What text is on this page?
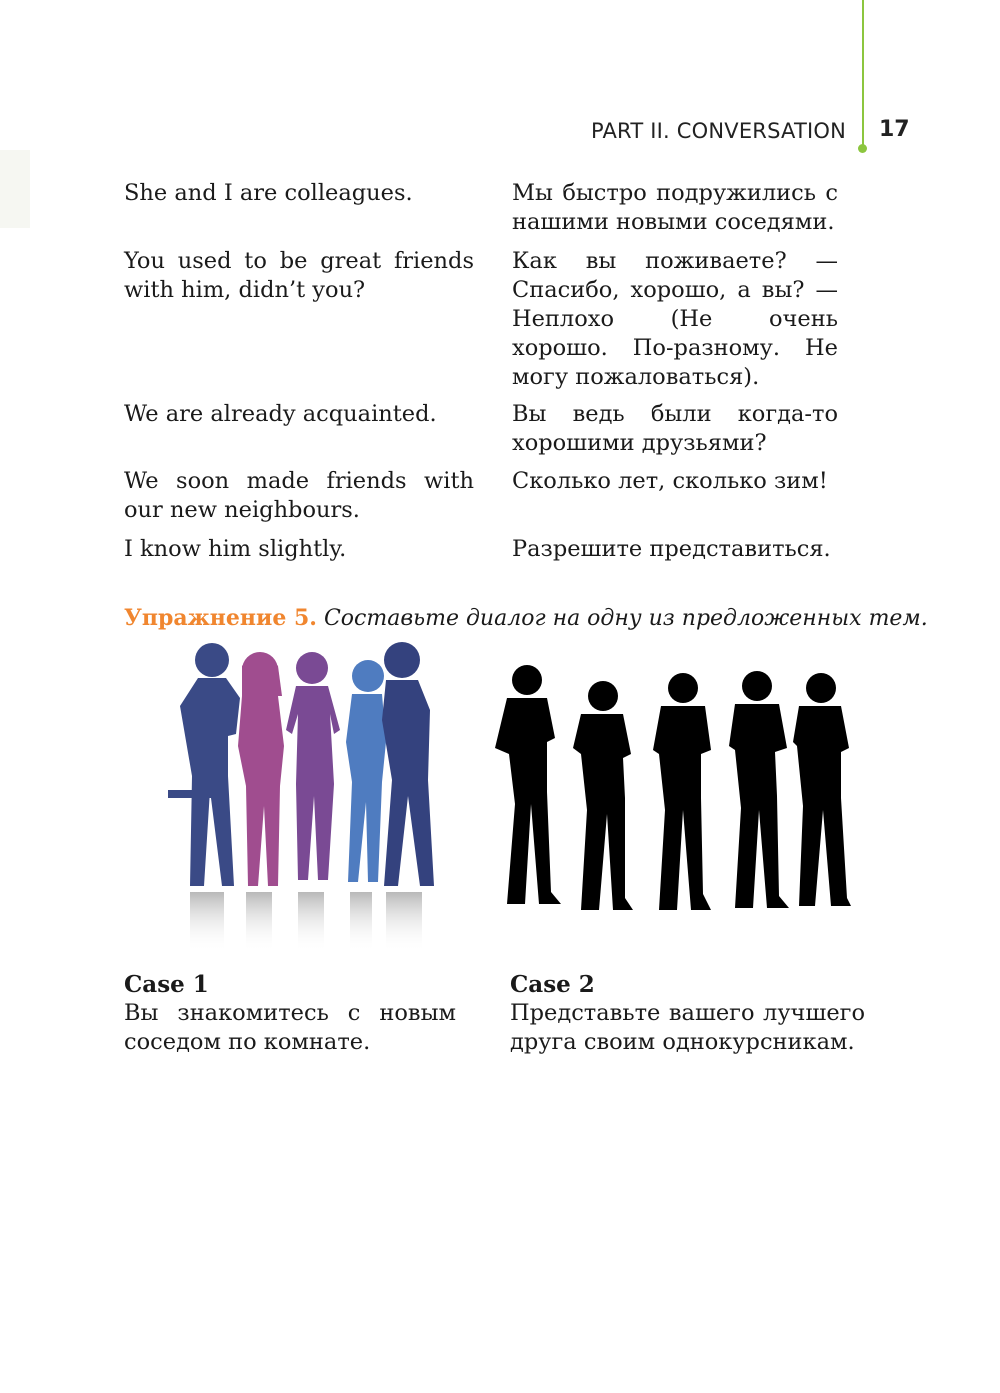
PART II. CONVERSATION 17
She and I are colleagues.
You used to be great friends with him, didn’t you?
We are already acquainted.
We soon made friends with our new neighbours.
I know him slightly.
Мы быстро подружились с нашими новыми соседями.
Как вы поживаете? — Спасибо, хорошо, а вы? — Неплохо (Не очень хорошо. По-разному. Не могу пожаловаться).
Вы ведь были когда-то хорошими друзьями?
Сколько лет, сколько зим!
Разрешите представиться.
Упражнение 5. Составьте диалог на одну из предложенных тем.
Case 1
Вы знакомитесь с новым соседом по комнате.
Case 2
Представьте вашего лучшего друга своим однокурсникам.
